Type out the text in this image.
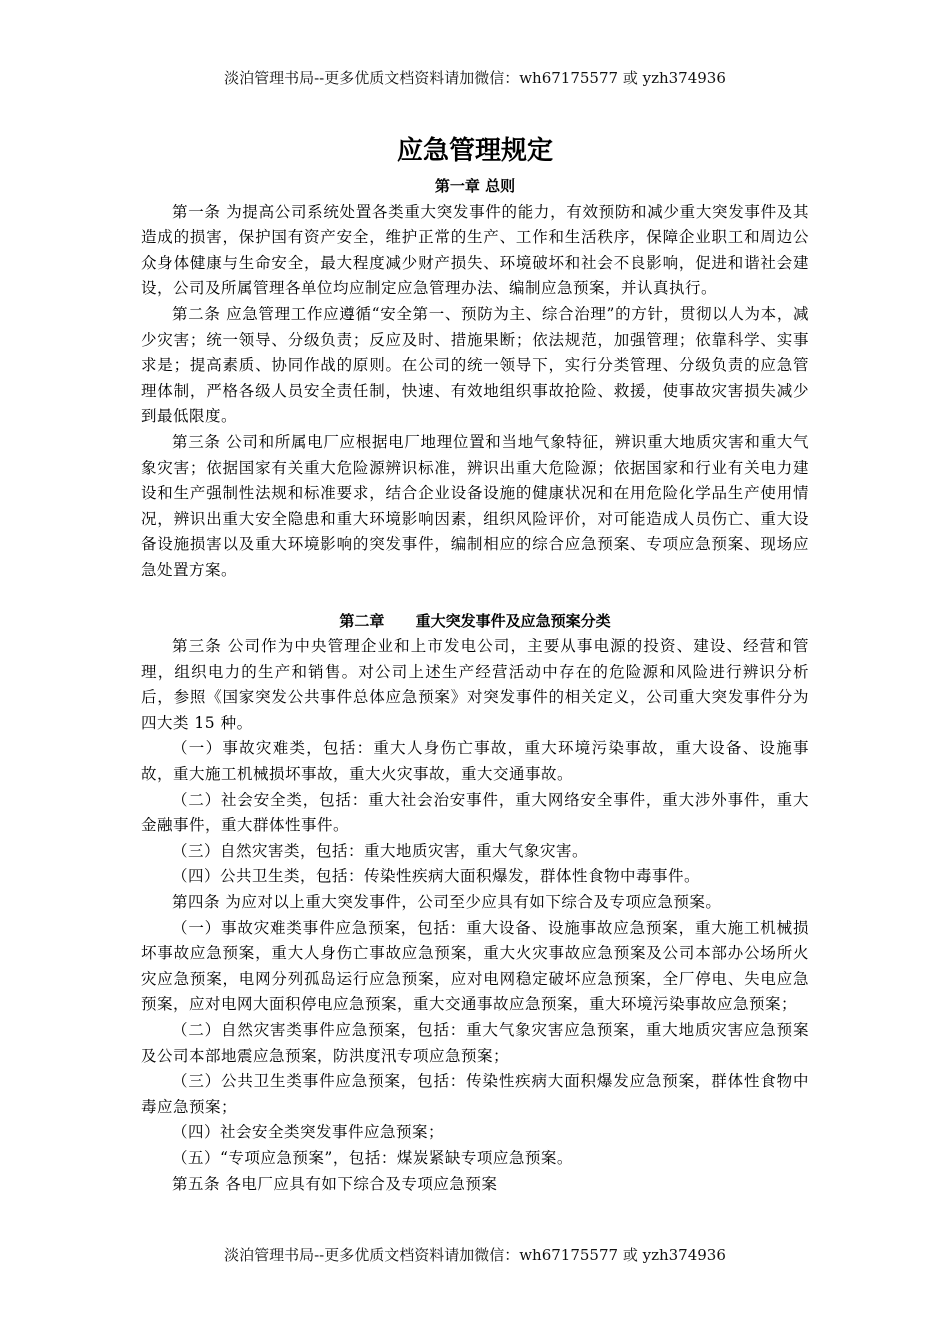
淡泊管理书局--更多优质文档资料请加微信：wh67175577 或 yzh374936
应急管理规定
第一章 总则

第一条 为提高公司系统处置各类重大突发事件的能力，有效预防和减少重大突发事件及其造成的损害，保护国有资产安全，维护正常的生产、工作和生活秩序，保障企业职工和周边公众身体健康与生命安全，最大程度减少财产损失、环境破坏和社会不良影响，促进和谐社会建设，公司及所属管理各单位均应制定应急管理办法、编制应急预案，并认真执行。

第二条 应急管理工作应遵循“安全第一、预防为主、综合治理”的方针，贯彻以人为本，减少灾害；统一领导、分级负责；反应及时、措施果断；依法规范，加强管理；依靠科学、实事求是；提高素质、协同作战的原则。在公司的统一领导下，实行分类管理、分级负责的应急管理体制，严格各级人员安全责任制，快速、有效地组织事故抢险、救援，使事故灾害损失减少到最低限度。

第三条 公司和所属电厂应根据电厂地理位置和当地气象特征，辨识重大地质灾害和重大气象灾害；依据国家有关重大危险源辨识标准，辨识出重大危险源；依据国家和行业有关电力建设和生产强制性法规和标准要求，结合企业设备设施的健康状况和在用危险化学品生产使用情况，辨识出重大安全隐患和重大环境影响因素，组织风险评价，对可能造成人员伤亡、重大设备设施损害以及重大环境影响的突发事件，编制相应的综合应急预案、专项应急预案、现场应急处置方案。

第二章      重大突发事件及应急预案分类

第三条 公司作为中央管理企业和上市发电公司，主要从事电源的投资、建设、经营和管理，组织电力的生产和销售。对公司上述生产经营活动中存在的危险源和风险进行辨识分析后，参照《国家突发公共事件总体应急预案》对突发事件的相关定义，公司重大突发事件分为四大类 15 种。

（一）事故灾难类，包括：重大人身伤亡事故，重大环境污染事故，重大设备、设施事故，重大施工机械损坏事故，重大火灾事故，重大交通事故。

（二）社会安全类，包括：重大社会治安事件，重大网络安全事件，重大涉外事件，重大金融事件，重大群体性事件。

（三）自然灾害类，包括：重大地质灾害，重大气象灾害。

（四）公共卫生类，包括：传染性疾病大面积爆发，群体性食物中毒事件。

第四条 为应对以上重大突发事件，公司至少应具有如下综合及专项应急预案。

（一）事故灾难类事件应急预案，包括：重大设备、设施事故应急预案，重大施工机械损坏事故应急预案，重大人身伤亡事故应急预案，重大火灾事故应急预案及公司本部办公场所火灾应急预案，电网分列孤岛运行应急预案，应对电网稳定破坏应急预案，全厂停电、失电应急预案，应对电网大面积停电应急预案，重大交通事故应急预案，重大环境污染事故应急预案；

（二）自然灾害类事件应急预案，包括：重大气象灾害应急预案，重大地质灾害应急预案及公司本部地震应急预案，防洪度汛专项应急预案；

（三）公共卫生类事件应急预案，包括：传染性疾病大面积爆发应急预案，群体性食物中毒应急预案；

（四）社会安全类突发事件应急预案；

（五）“专项应急预案”，包括：煤炭紧缺专项应急预案。

第五条 各电厂应具有如下综合及专项应急预案

淡泊管理书局--更多优质文档资料请加微信：wh67175577 或 yzh374936
